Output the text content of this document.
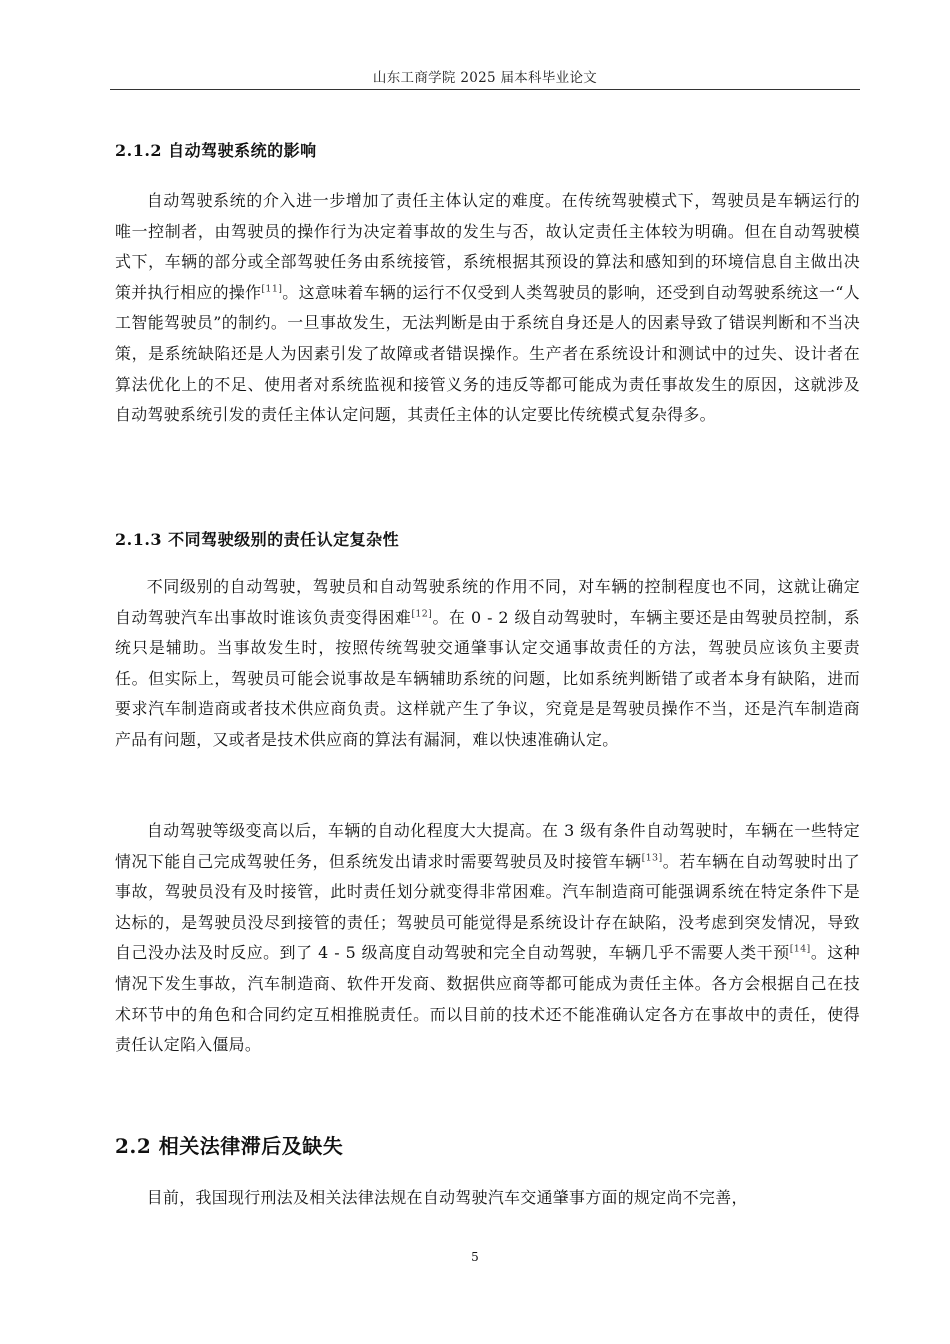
山东工商学院 2025 届本科毕业论文
2.1.2 自动驾驶系统的影响

自动驾驶系统的介入进一步增加了责任主体认定的难度。在传统驾驶模式下，驾驶员是车辆运行的唯一控制者，由驾驶员的操作行为决定着事故的发生与否，故认定责任主体较为明确。但在自动驾驶模式下，车辆的部分或全部驾驶任务由系统接管，系统根据其预设的算法和感知到的环境信息自主做出决策并执行相应的操作[11]。这意味着车辆的运行不仅受到人类驾驶员的影响，还受到自动驾驶系统这一“人工智能驾驶员”的制约。一旦事故发生，无法判断是由于系统自身还是人的因素导致了错误判断和不当决策，是系统缺陷还是人为因素引发了故障或者错误操作。生产者在系统设计和测试中的过失、设计者在算法优化上的不足、使用者对系统监视和接管义务的违反等都可能成为责任事故发生的原因，这就涉及自动驾驶系统引发的责任主体认定问题，其责任主体的认定要比传统模式复杂得多。

2.1.3 不同驾驶级别的责任认定复杂性

不同级别的自动驾驶，驾驶员和自动驾驶系统的作用不同，对车辆的控制程度也不同，这就让确定自动驾驶汽车出事故时谁该负责变得困难[12]。在 0 - 2 级自动驾驶时，车辆主要还是由驾驶员控制，系统只是辅助。当事故发生时，按照传统驾驶交通肇事认定交通事故责任的方法，驾驶员应该负主要责任。但实际上，驾驶员可能会说事故是车辆辅助系统的问题，比如系统判断错了或者本身有缺陷，进而要求汽车制造商或者技术供应商负责。这样就产生了争议，究竟是是驾驶员操作不当，还是汽车制造商产品有问题，又或者是技术供应商的算法有漏洞，难以快速准确认定。

自动驾驶等级变高以后，车辆的自动化程度大大提高。在 3 级有条件自动驾驶时，车辆在一些特定情况下能自己完成驾驶任务，但系统发出请求时需要驾驶员及时接管车辆[13]。若车辆在自动驾驶时出了事故，驾驶员没有及时接管，此时责任划分就变得非常困难。汽车制造商可能强调系统在特定条件下是达标的，是驾驶员没尽到接管的责任；驾驶员可能觉得是系统设计存在缺陷，没考虑到突发情况，导致自己没办法及时反应。到了 4 - 5 级高度自动驾驶和完全自动驾驶，车辆几乎不需要人类干预[14]。这种情况下发生事故，汽车制造商、软件开发商、数据供应商等都可能成为责任主体。各方会根据自己在技术环节中的角色和合同约定互相推脱责任。而以目前的技术还不能准确认定各方在事故中的责任，使得责任认定陷入僵局。

2.2 相关法律滞后及缺失

目前，我国现行刑法及相关法律法规在自动驾驶汽车交通肇事方面的规定尚不完善，

5
